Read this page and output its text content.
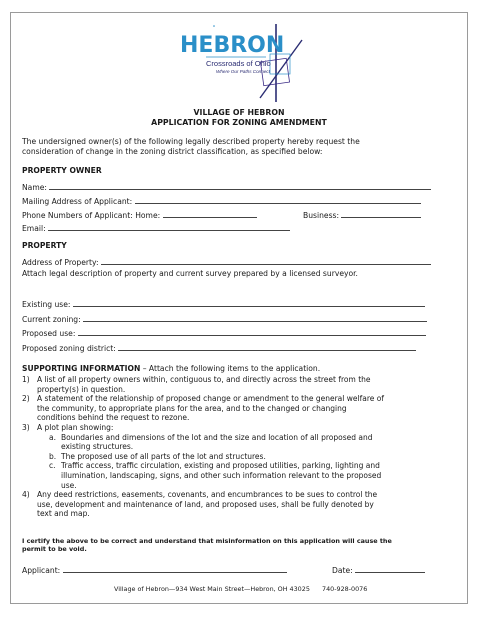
HEBRON
Crossroads of Ohio
Where Our Paths Connect
VILLAGE OF HEBRON
APPLICATION FOR ZONING AMENDMENT
The undersigned owner(s) of the following legally described property hereby request the
consideration of change in the zoning district classification, as specified below:
PROPERTY OWNER
Name:
Mailing Address of Applicant:
Phone Numbers of Applicant: Home:	Business:
Email:
PROPERTY
Address of Property:
Attach legal description of property and current survey prepared by a licensed surveyor.
Existing use:
Current zoning:
Proposed use:
Proposed zoning district:
SUPPORTING INFORMATION – Attach the following items to the application.
1) A list of all property owners within, contiguous to, and directly across the street from the
property(s) in question.
2) A statement of the relationship of proposed change or amendment to the general welfare of
the community, to appropriate plans for the area, and to the changed or changing
conditions behind the request to rezone.
3) A plot plan showing:
a. Boundaries and dimensions of the lot and the size and location of all proposed and
existing structures.
b. The proposed use of all parts of the lot and structures.
c. Traffic access, traffic circulation, existing and proposed utilities, parking, lighting and
illumination, landscaping, signs, and other such information relevant to the proposed
use.
4) Any deed restrictions, easements, covenants, and encumbrances to be sues to control the
use, development and maintenance of land, and proposed uses, shall be fully denoted by
text and map.
I certify the above to be correct and understand that misinformation on this application will cause the
permit to be void.
Applicant:	Date:
Village of Hebron—934 West Main Street—Hebron, OH 43025 740-928-0076
